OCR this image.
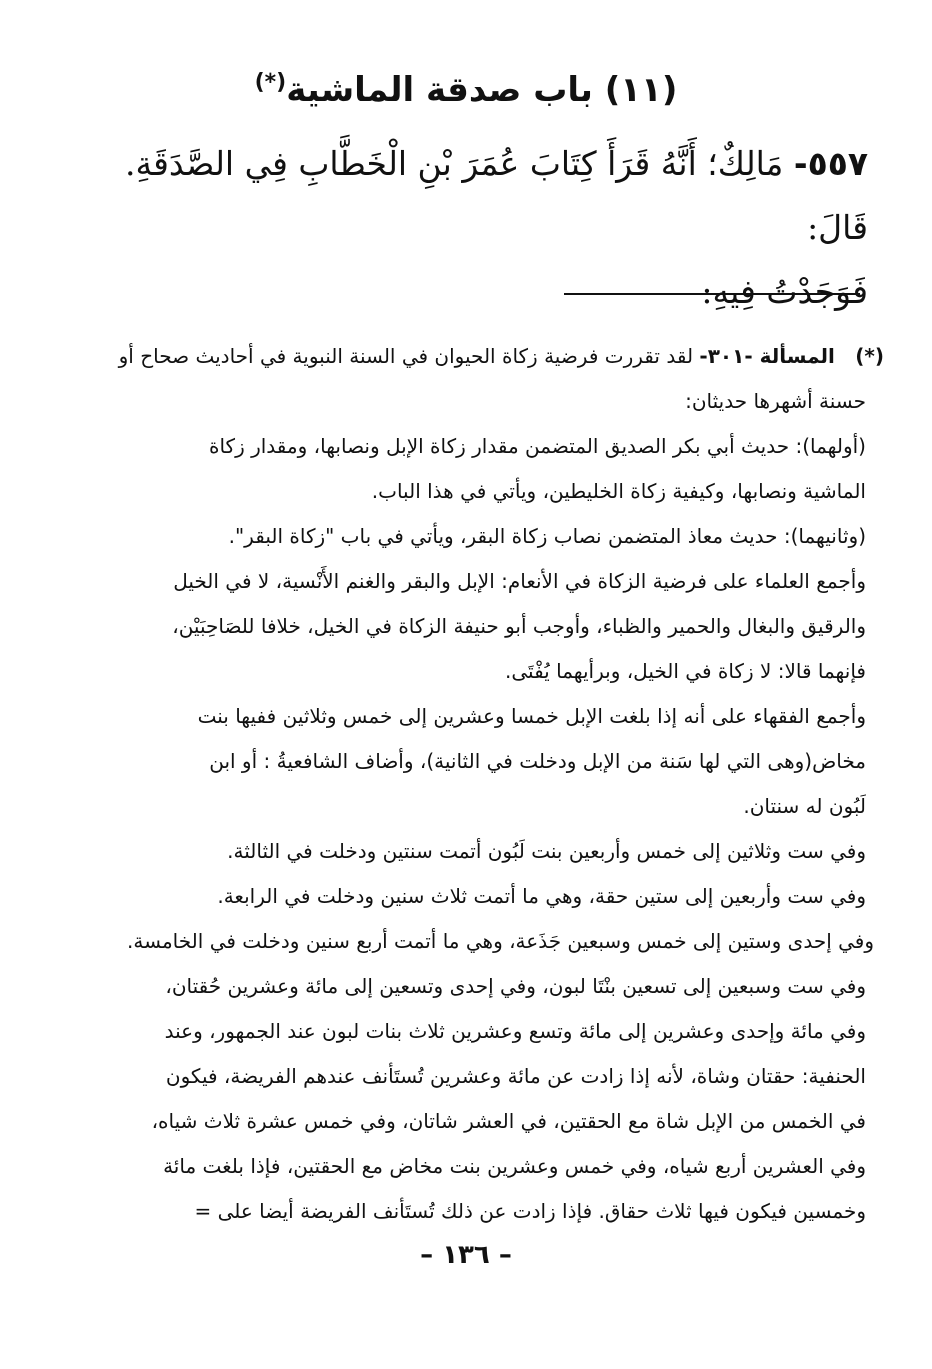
(١١) باب صدقة الماشية(*)
٥٥٧- مَالِكٌ؛ أَنَّهُ قَرَأَ كِتَابَ عُمَرَ بْنِ الْخَطَّابِ فِي الصَّدَقَةِ. قَالَ:
فَوَجَدْتُ فِيهِ:
(*) المسألة -٣٠١- لقد تقررت فرضية زكاة الحيوان في السنة النبوية في أحاديث صحاح أو
حسنة أشهرها حديثان:
(أولهما): حديث أبي بكر الصديق المتضمن مقدار زكاة الإبل ونصابها، ومقدار زكاة
الماشية ونصابها، وكيفية زكاة الخليطين، ويأتي في هذا الباب.
(وثانيهما): حديث معاذ المتضمن نصاب زكاة البقر، ويأتي في باب "زكاة البقر".
وأجمع العلماء على فرضية الزكاة في الأنعام: الإبل والبقر والغنم الأَنْسية، لا في الخيل
والرقيق والبغال والحمير والظباء، وأوجب أبو حنيفة الزكاة في الخيل، خلافا للصَاحِبَيْن،
فإنهما قالا: لا زكاة في الخيل، وبرأيهما يُفْتَى.
وأجمع الفقهاء على أنه إذا بلغت الإبل خمسا وعشرين إلى خمس وثلاثين ففيها بنت
مخاض(وهى التي لها سَنة من الإبل ودخلت في الثانية)، وأضاف الشافعيةُ : أو ابن
لَبُون له سنتان.
وفي ست وثلاثين إلى خمس وأربعين بنت لَبُون أتمت سنتين ودخلت في الثالثة.
وفي ست وأربعين إلى ستين حقة، وهي ما أتمت ثلاث سنين ودخلت في الرابعة.
وفي إحدى وستين إلى خمس وسبعين جَذَعة، وهي ما أتمت أربع سنين ودخلت في الخامسة.
وفي ست وسبعين إلى تسعين بنْتَا لبون، وفي إحدى وتسعين إلى مائة وعشرين حُقتان،
وفي مائة وإحدى وعشرين إلى مائة وتسع وعشرين ثلاث بنات لبون عند الجمهور، وعند
الحنفية: حقتان وشاة، لأنه إذا زادت عن مائة وعشرين تُستَأنف عندهم الفريضة، فيكون
في الخمس من الإبل شاة مع الحقتين، في العشر شاتان، وفي خمس عشرة ثلاث شياه،
وفي العشرين أربع شياه، وفي خمس وعشرين بنت مخاض مع الحقتين، فإذا بلغت مائة
وخمسين فيكون فيها ثلاث حقاق. فإذا زادت عن ذلك تُستَأنف الفريضة أيضا على =
– ١٣٦ –
